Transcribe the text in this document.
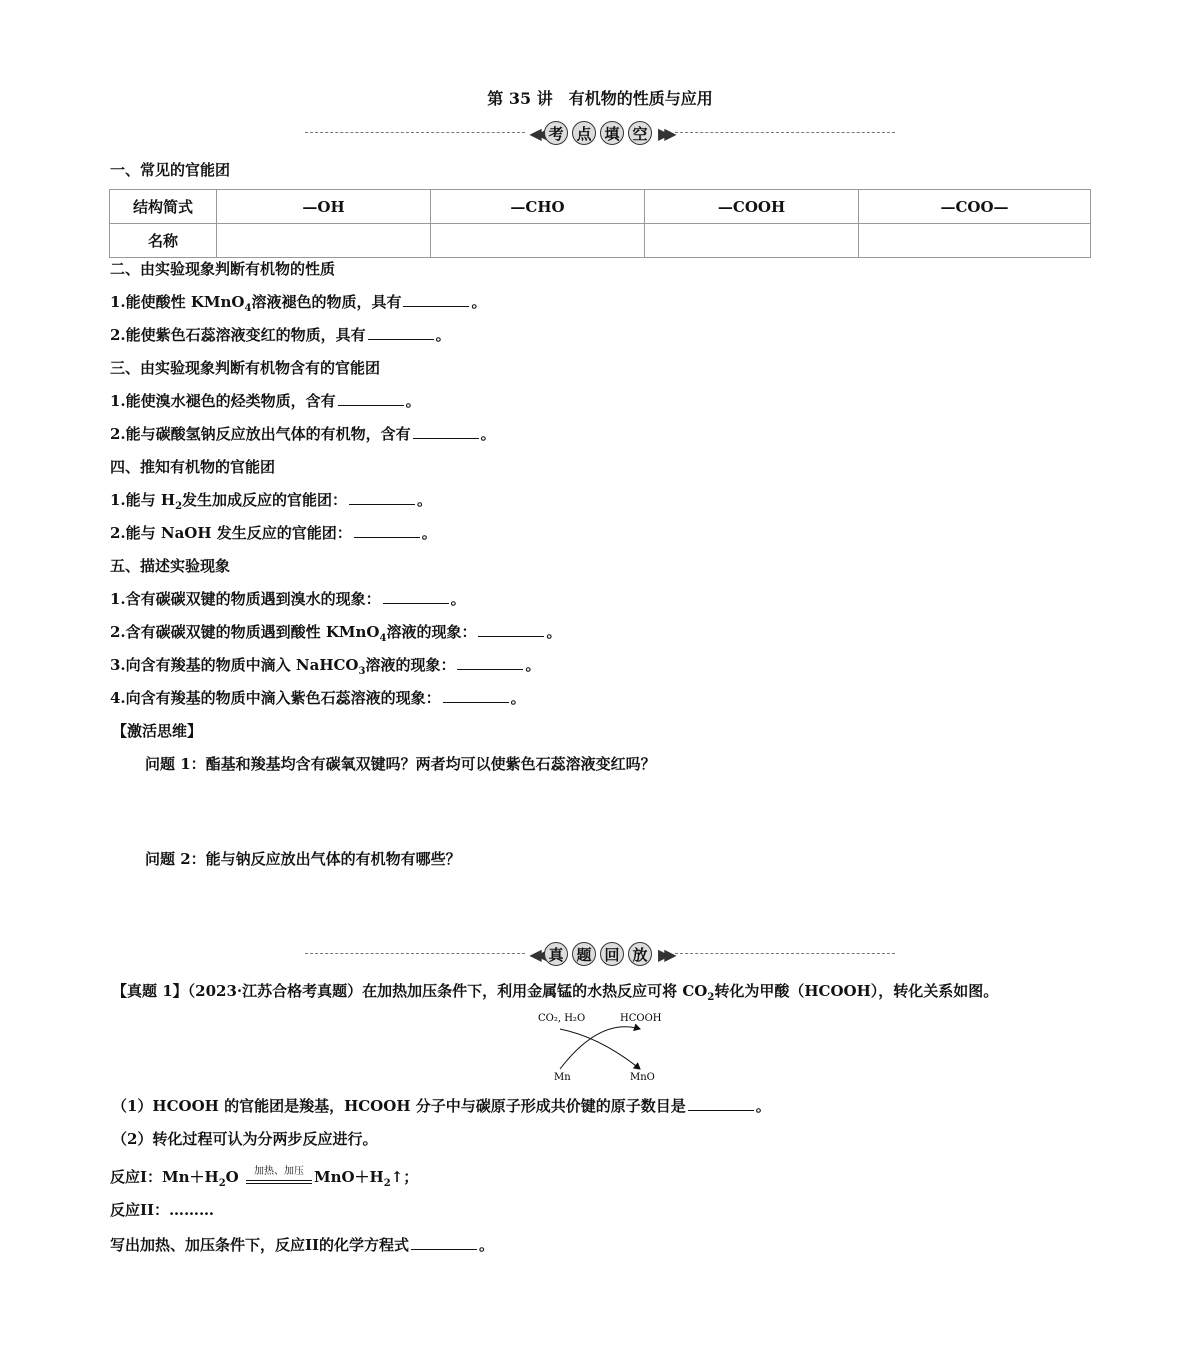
第 35 讲　有机物的性质与应用
◀◀ 考 点 填 空 ▶▶
一、常见的官能团
结构简式	—OH	—CHO	—COOH	—COO—
名称				
二、由实验现象判断有机物的性质
1.能使酸性 KMnO$_4$溶液褪色的物质，具有	。
2.能使紫色石蕊溶液变红的物质，具有	。
三、由实验现象判断有机物含有的官能团
1.能使溴水褪色的烃类物质，含有	。
2.能与碳酸氢钠反应放出气体的有机物，含有	。
四、推知有机物的官能团
1.能与 $H_2$发生加成反应的官能团：	。
2.能与 NaOH 发生反应的官能团：	。
五、描述实验现象
1.含有碳碳双键的物质遇到溴水的现象：	。
2.含有碳碳双键的物质遇到酸性 KMnO$_4$溶液的现象：	。
3.向含有羧基的物质中滴入 NaHCO$_3$溶液的现象：	。
4.向含有羧基的物质中滴入紫色石蕊溶液的现象：	。
【激活思维】
问题 1：酯基和羧基均含有碳氧双键吗？两者均可以使紫色石蕊溶液变红吗？
问题 2：能与钠反应放出气体的有机物有哪些？
◀◀ 真 题 回 放 ▶▶
【真题 1】（2023·江苏合格考真题）在加热加压条件下，利用金属锰的水热反应可将 $CO_2$转化为甲酸（HCOOH），转化关系如图。
CO₂, H₂O	HCOOH
Mn	MnO
（1）HCOOH 的官能团是羧基，HCOOH 分子中与碳原子形成共价键的原子数目是	。
（2）转化过程可认为分两步反应进行。
反应I：$Mn+H_2O$	加热、加压 $MnO+H_2↑$；
反应II：………
写出加热、加压条件下，反应II的化学方程式	。
